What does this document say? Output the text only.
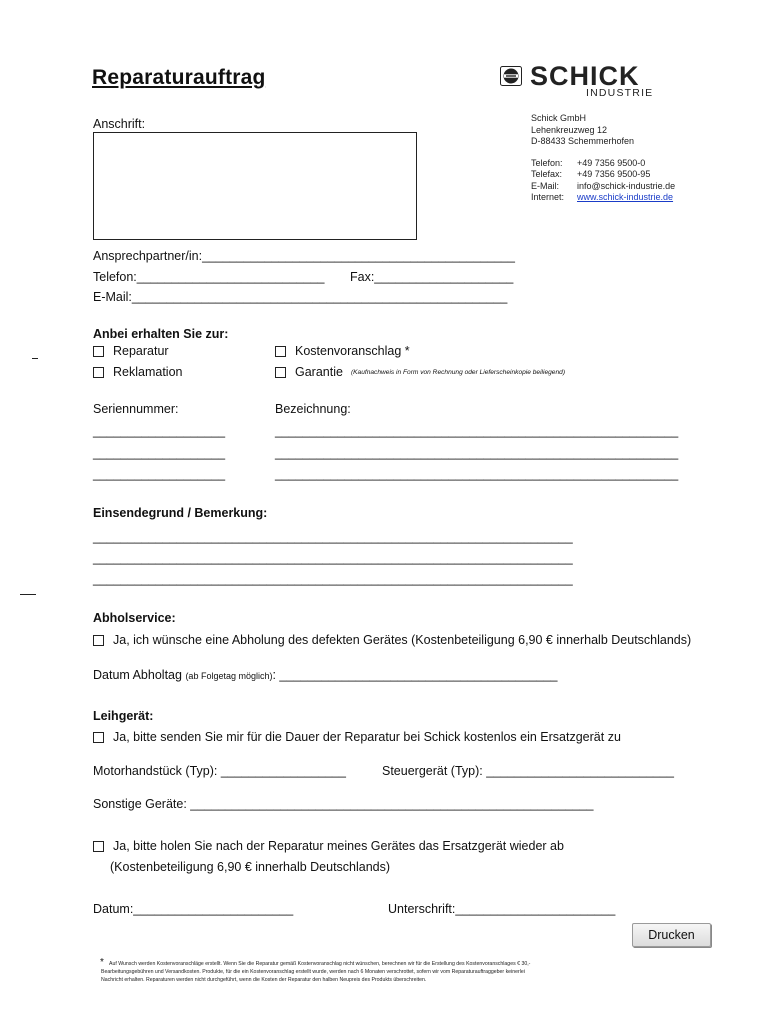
Reparaturauftrag	SCHICK
INDUSTRIE
Schick GmbH
Lehenkreuzweg 12
D-88433 Schemmerhofen
Telefon:	+49 7356 9500-0
Telefax:	+49 7356 9500-95
E-Mail:	info@schick-industrie.de
Internet:	www.schick-industrie.de
Anschrift:
Ansprechpartner/in:_____________________________________________
Telefon:___________________________ Fax:____________________
E-Mail:______________________________________________________
Anbei erhalten Sie zur:
Reparatur	Kostenvoranschlag *
Reklamation	Garantie (Kaufnachweis in Form von Rechnung oder Lieferscheinkopie beiliegend)
Seriennummer:	Bezeichnung:
___________________
___________________
___________________
__________________________________________________________
__________________________________________________________
__________________________________________________________
Einsendegrund / Bemerkung:
_____________________________________________________________________
_____________________________________________________________________
_____________________________________________________________________
Abholservice:
Ja, ich wünsche eine Abholung des defekten Gerätes (Kostenbeteiligung 6,90 € innerhalb Deutschlands)
Datum Abholtag (ab Folgetag möglich): ________________________________________
Leihgerät:
Ja, bitte senden Sie mir für die Dauer der Reparatur bei Schick kostenlos ein Ersatzgerät zu
Motorhandstück (Typ): __________________	Steuergerät (Typ): ___________________________
Sonstige Geräte: __________________________________________________________
Ja, bitte holen Sie nach der Reparatur meines Gerätes das Ersatzgerät wieder ab
(Kostenbeteiligung 6,90 € innerhalb Deutschlands)
Datum:_______________________	Unterschrift:_______________________
Drucken
* Auf Wunsch werden Kostenvoranschläge erstellt. Wenn Sie die Reparatur gemäß Kostenvoranschlag nicht wünschen, berechnen wir für die Erstellung des Kostenvoranschlages € 30,-
Bearbeitungsgebühren und Versandkosten. Produkte, für die ein Kostenvoranschlag erstellt wurde, werden nach 6 Monaten verschrottet, sofern wir vom Reparaturauftraggeber keinerlei
Nachricht erhalten. Reparaturen werden nicht durchgeführt, wenn die Kosten der Reparatur den halben Neupreis des Produkts überschreiten.
